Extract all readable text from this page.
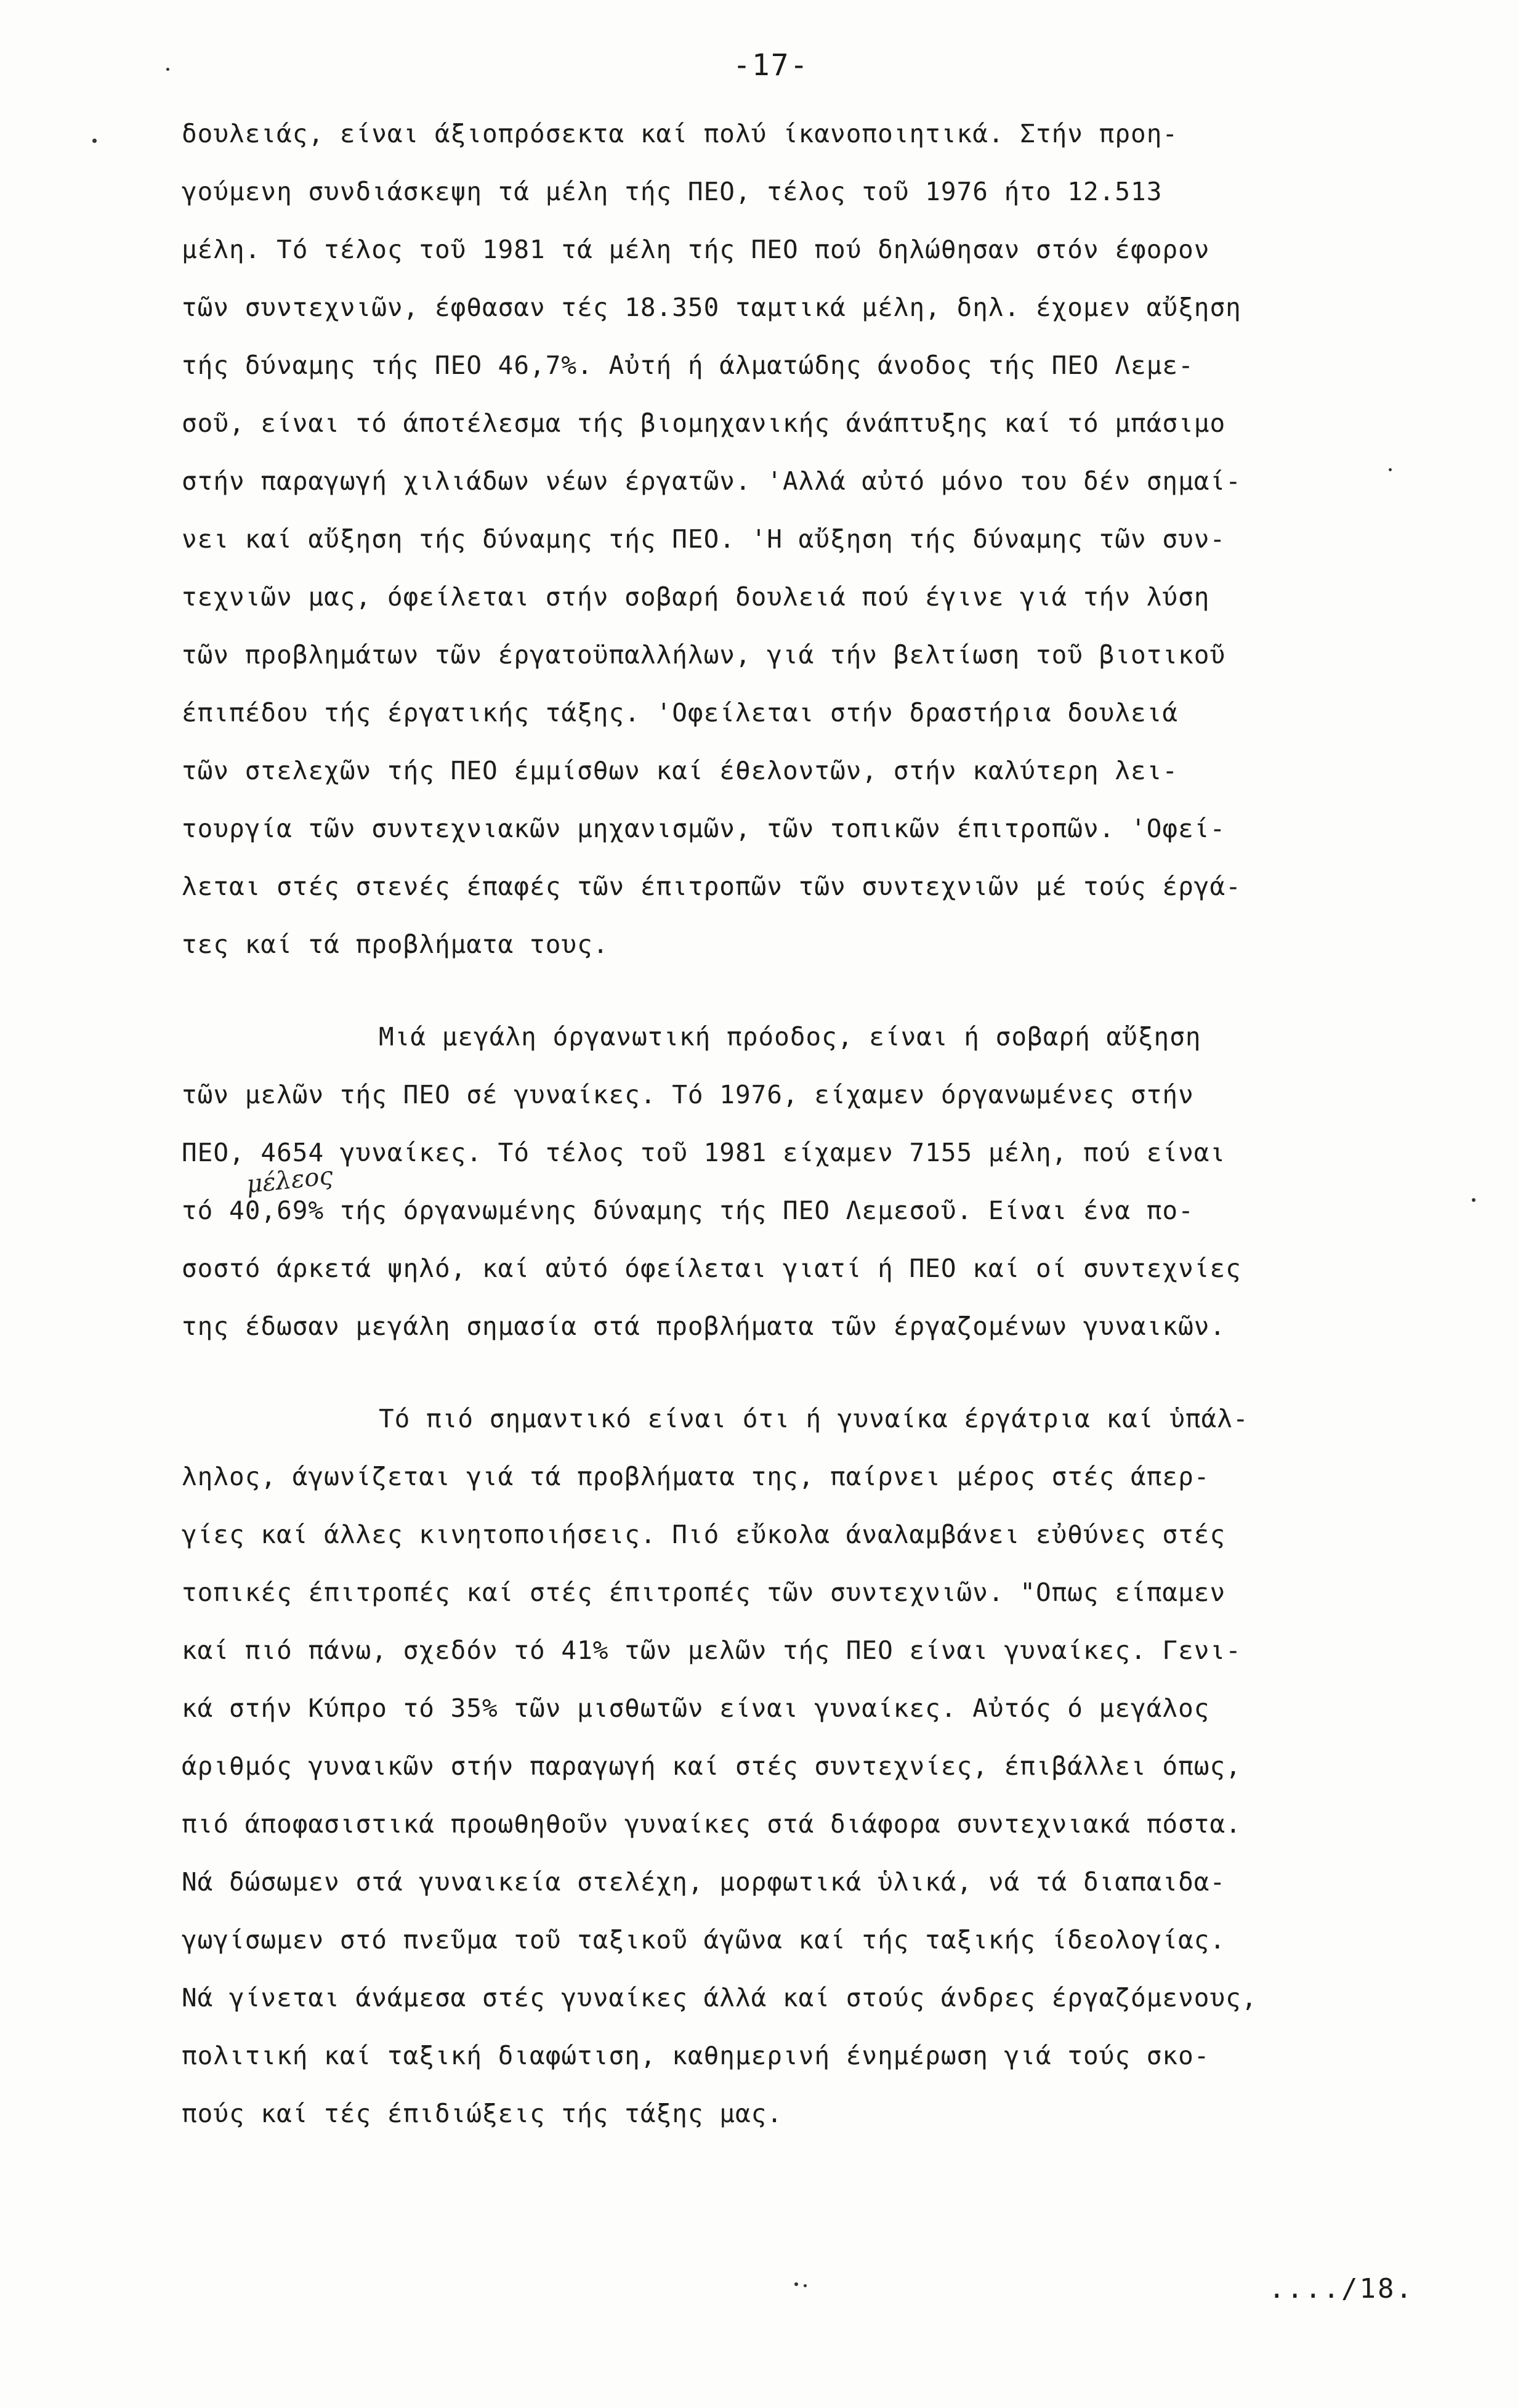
-17-
δουλειάς, είναι άξιοπρόσεκτα καί πολύ ίκανοποιητικά. Στήν προη-
γούμενη συνδιάσκεψη τά μέλη τής ΠΕΟ, τέλος τοῦ 1976 ήτο 12.513
μέλη. Τό τέλος τοῦ 1981 τά μέλη τής ΠΕΟ πού δηλώθησαν στόν έφορον
τῶν συντεχνιῶν, έφθασαν τές 18.350 ταμτικά μέλη, δηλ. έχομεν αὔξηση
τής δύναμης τής ΠΕΟ 46,7%. Αὐτή ή άλματώδης άνοδος τής ΠΕΟ Λεμε-
σοῦ, είναι τό άποτέλεσμα τής βιομηχανικής άνάπτυξης καί τό μπάσιμο
στήν παραγωγή χιλιάδων νέων έργατῶν. 'Αλλά αὐτό μόνο του δέν σημαί-
νει καί αὔξηση τής δύναμης τής ΠΕΟ. 'Η αὔξηση τής δύναμης τῶν συν-
τεχνιῶν μας, όφείλεται στήν σοβαρή δουλειά πού έγινε γιά τήν λύση
τῶν προβλημάτων τῶν έργατοϋπαλλήλων, γιά τήν βελτίωση τοῦ βιοτικοῦ
έπιπέδου τής έργατικής τάξης. 'Οφείλεται στήν δραστήρια δουλειά
τῶν στελεχῶν τής ΠΕΟ έμμίσθων καί έθελοντῶν, στήν καλύτερη λει-
τουργία τῶν συντεχνιακῶν μηχανισμῶν, τῶν τοπικῶν έπιτροπῶν. 'Οφεί-
λεται στές στενές έπαφές τῶν έπιτροπῶν τῶν συντεχνιῶν μέ τούς έργά-
τες καί τά προβλήματα τους.
Μιά μεγάλη όργανωτική πρόοδος, είναι ή σοβαρή αὔξηση
τῶν μελῶν τής ΠΕΟ σέ γυναίκες. Τό 1976, είχαμεν όργανωμένες στήν
ΠΕΟ, 4654 γυναίκες. Τό τέλος τοῦ 1981 είχαμεν 7155 μέλη, πού είναι
τό 40,69% τής όργανωμένης δύναμης τής ΠΕΟ Λεμεσοῦ. Είναι ένα πο-
σοστό άρκετά ψηλό, καί αὐτό όφείλεται γιατί ή ΠΕΟ καί οί συντεχνίες
της έδωσαν μεγάλη σημασία στά προβλήματα τῶν έργαζομένων γυναικῶν.
Τό πιό σημαντικό είναι ότι ή γυναίκα έργάτρια καί ὑπάλ-
ληλος, άγωνίζεται γιά τά προβλήματα της, παίρνει μέρος στές άπερ-
γίες καί άλλες κινητοποιήσεις. Πιό εὔκολα άναλαμβάνει εὐθύνες στές
τοπικές έπιτροπές καί στές έπιτροπές τῶν συντεχνιῶν. "Οπως είπαμεν
καί πιό πάνω, σχεδόν τό 41% τῶν μελῶν τής ΠΕΟ είναι γυναίκες. Γενι-
κά στήν Κύπρο τό 35% τῶν μισθωτῶν είναι γυναίκες. Αὐτός ό μεγάλος
άριθμός γυναικῶν στήν παραγωγή καί στές συντεχνίες, έπιβάλλει όπως,
πιό άποφασιστικά προωθηθοῦν γυναίκες στά διάφορα συντεχνιακά πόστα.
Νά δώσωμεν στά γυναικεία στελέχη, μορφωτικά ὑλικά, νά τά διαπαιδα-
γωγίσωμεν στό πνεῦμα τοῦ ταξικοῦ άγῶνα καί τής ταξικής ίδεολογίας.
Νά γίνεται άνάμεσα στές γυναίκες άλλά καί στούς άνδρες έργαζόμενους,
πολιτική καί ταξική διαφώτιση, καθημερινή ένημέρωση γιά τούς σκο-
πούς καί τές έπιδιώξεις τής τάξης μας.
μέλεος
..../18.
